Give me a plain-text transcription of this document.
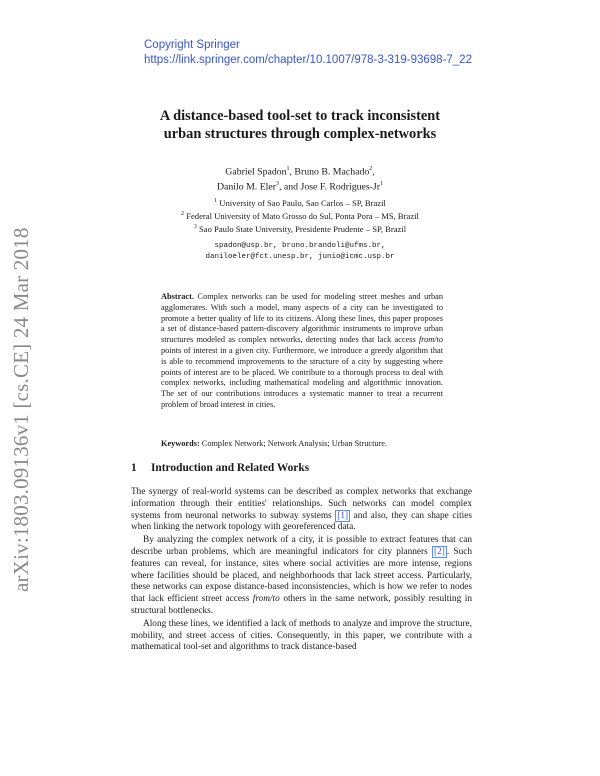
Copyright Springer
https://link.springer.com/chapter/10.1007/978-3-319-93698-7_22
arXiv:1803.09136v1 [cs.CE] 24 Mar 2018
A distance-based tool-set to track inconsistent
urban structures through complex-networks
Gabriel Spadon$^1$, Bruno B. Machado$^2$,
Danilo M. Eler$^3$, and Jose F. Rodrigues-Jr$^1$
$^1$ University of Sao Paulo, Sao Carlos – SP, Brazil
$^2$ Federal University of Mato Grosso do Sul, Ponta Pora – MS, Brazil
$^3$ Sao Paulo State University, Presidente Prudente – SP, Brazil
spadon@usp.br, bruno.brandoli@ufms.br,
daniloeler@fct.unesp.br, junio@icmc.usp.br
Abstract. Complex networks can be used for modeling street meshes and urban agglomerates. With such a model, many aspects of a city can be investigated to promote a better quality of life to its citizens. Along these lines, this paper proposes a set of distance-based pattern-discovery algorithmic instruments to improve urban structures modeled as complex networks, detecting nodes that lack access from/to points of interest in a given city. Furthermore, we introduce a greedy algorithm that is able to recommend improvements to the structure of a city by suggesting where points of interest are to be placed. We contribute to a thorough process to deal with complex networks, including mathematical modeling and algorithmic innovation. The set of our contributions introduces a systematic manner to treat a recurrent problem of broad interest in cities.
Keywords: Complex Network; Network Analysis; Urban Structure.
1 Introduction and Related Works

The synergy of real-world systems can be described as complex networks that exchange information through their entities' relationships. Such networks can model complex systems from neuronal networks to subway systems [1] and also, they can shape cities when linking the network topology with georeferenced data.

By analyzing the complex network of a city, it is possible to extract features that can describe urban problems, which are meaningful indicators for city planners [2] . Such features can reveal, for instance, sites where social activities are more intense, regions where facilities should be placed, and neighborhoods that lack street access. Particularly, these networks can expose distance-based inconsistencies, which is how we refer to nodes that lack efficient street access from/to others in the same network, possibly resulting in structural bottlenecks.

Along these lines, we identified a lack of methods to analyze and improve the structure, mobility, and street access of cities. Consequently, in this paper, we contribute with a mathematical tool-set and algorithms to track distance-based
